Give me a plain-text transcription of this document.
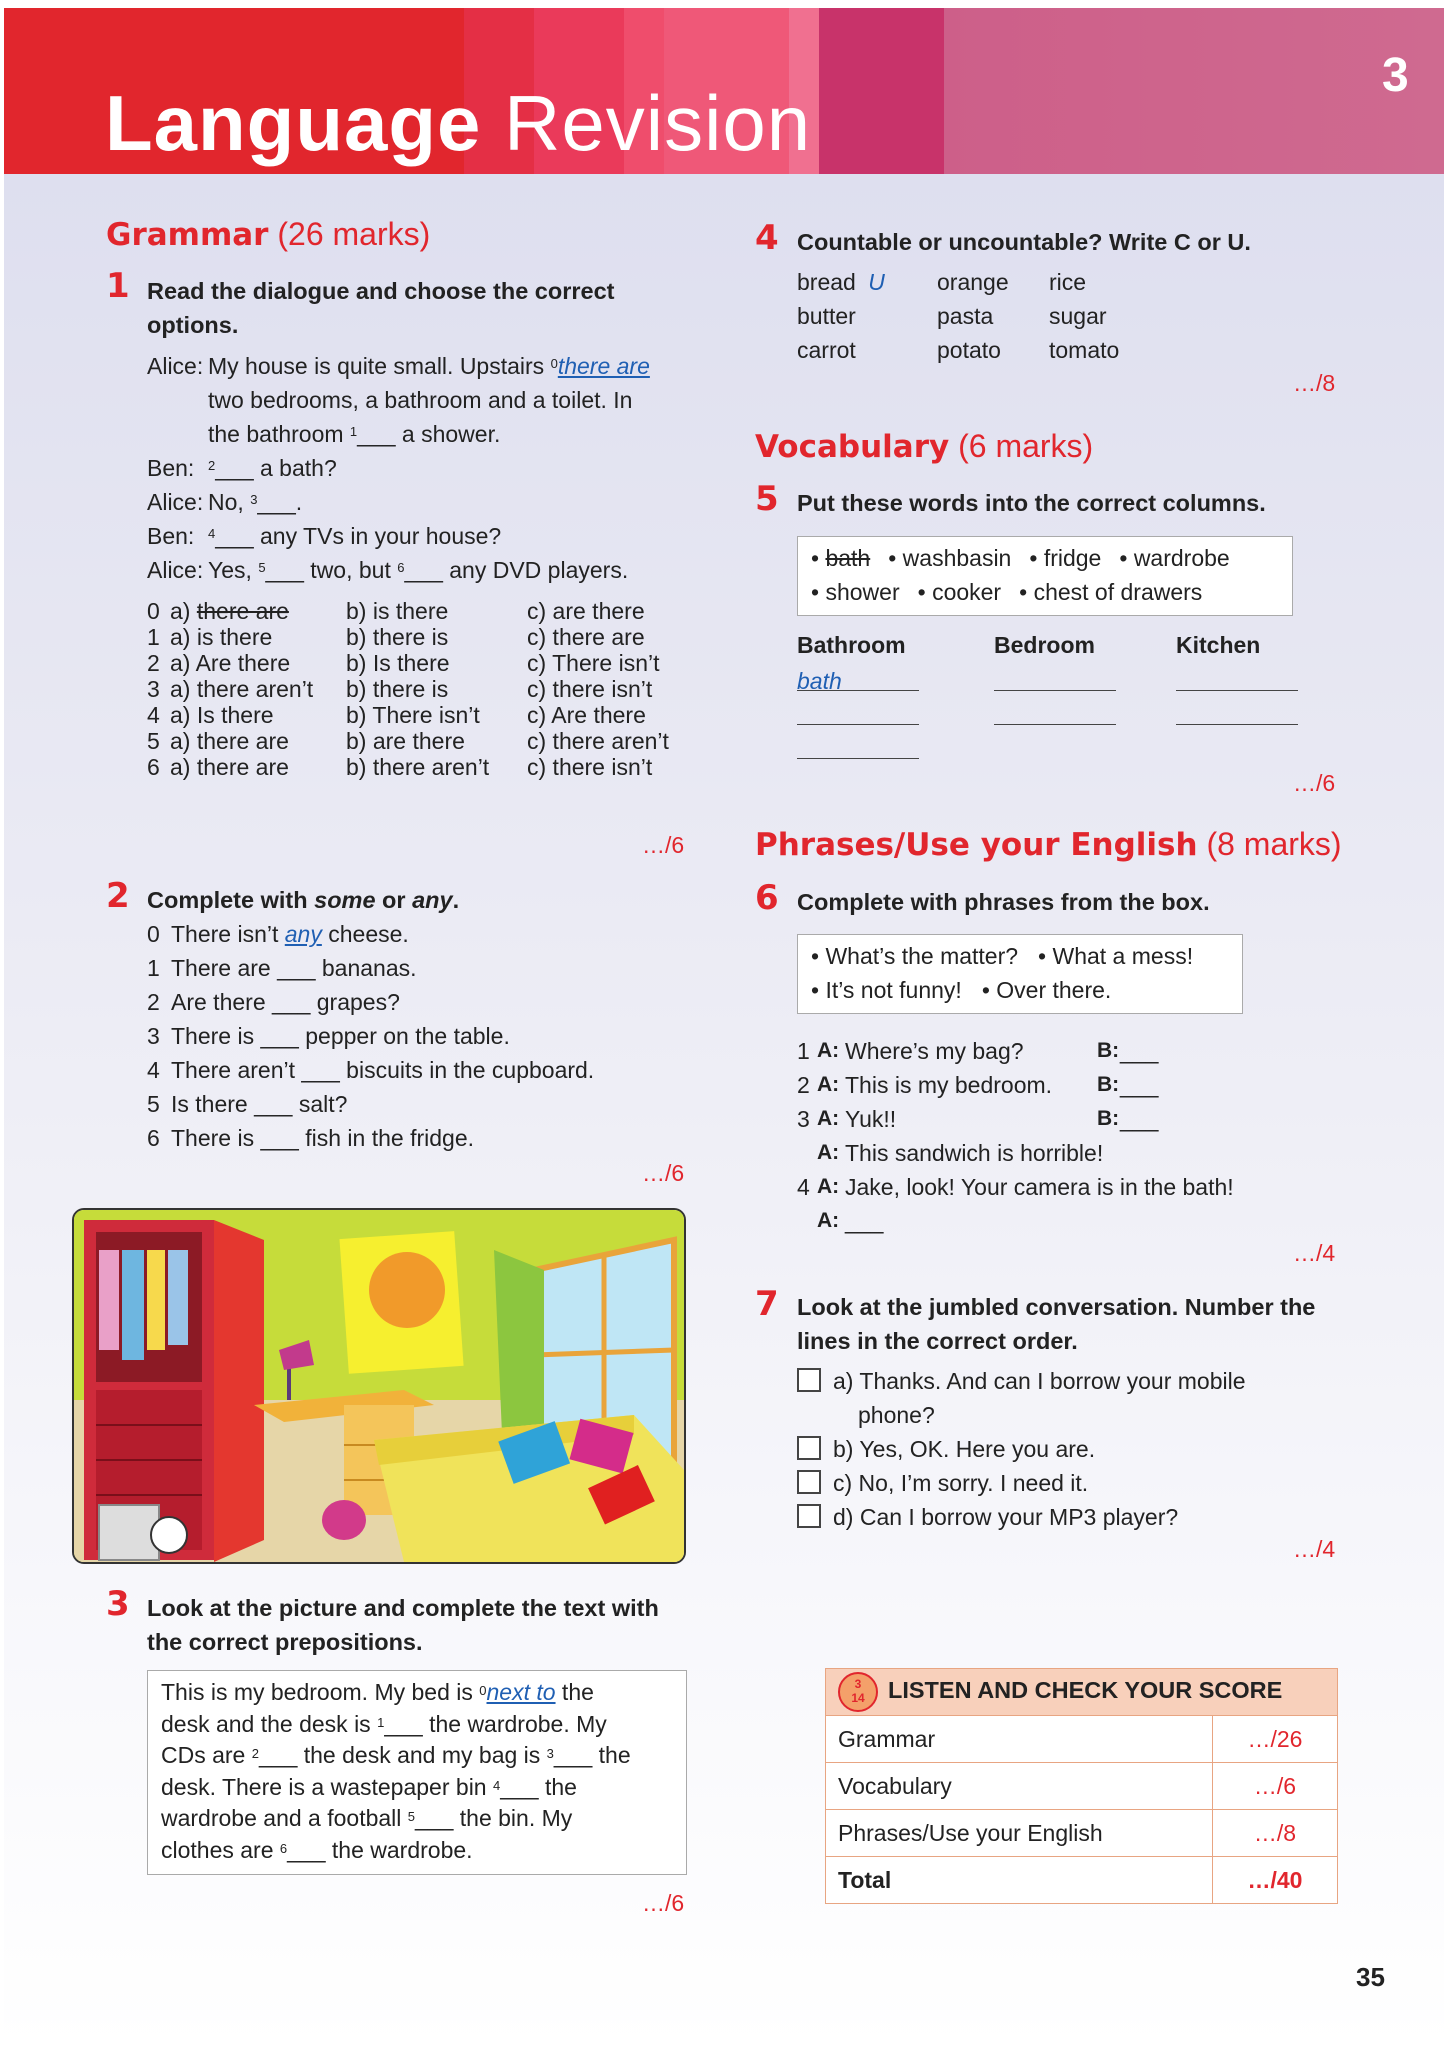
Language Revision
3
Grammar (26 marks)
1 Read the dialogue and choose the correct
options.
Alice: My house is quite small. Upstairs $^0$there are
two bedrooms, a bathroom and a toilet. In
the bathroom $^1$___ a shower.
Ben: $^2$___ a bath?
Alice: No, $^3$___.
Ben: $^4$___ any TVs in your house?
Alice: Yes, $^5$___ two, but $^6$___ any DVD players.
0 a) there are b) is there	c) are there
1 a) is there	b) there is	c) there are
2 a) Are there b) Is there	c) There isn’t
3 a) there aren’t b) there is	c) there isn’t
4 a) Is there	b) There isn’t c) Are there
5 a) there are b) are there	c) there aren’t
6 a) there are b) there aren’t c) there isn’t
…/6
2 Complete with some or any.
0 There isn’t any cheese.
1 There are ___ bananas.
2 Are there ___ grapes?
3 There is ___ pepper on the table.
4 There aren’t ___ biscuits in the cupboard.
5 Is there ___ salt?
6 There is ___ fish in the fridge.
…/6
3 Look at the picture and complete the text with
the correct prepositions.
This is my bedroom. My bed is $^0$next to the
desk and the desk is $^1$___ the wardrobe. My
CDs are $^2$___ the desk and my bag is $^3$___ the
desk. There is a wastepaper bin $^4$___ the
wardrobe and a football $^5$___ the bin. My
clothes are $^6$___ the wardrobe.
…/6
4 Countable or uncountable? Write C or U.
bread U orange rice
butter	pasta sugar
carrot	potato tomato
…/8
Vocabulary (6 marks)
5 Put these words into the correct columns.
• bath • washbasin • fridge • wardrobe
• shower • cooker • chest of drawers
Bathroom	Bedroom	Kitchen
bath
…/6
Phrases/Use your English (8 marks)
6 Complete with phrases from the box.
• What’s the matter? • What a mess!
• It’s not funny! • Over there.
1 A: Where’s my bag?	B: ___
2 A: This is my bedroom. B: ___
3 A: Yuk!!	B: ___
A: This sandwich is horrible!
4 A: Jake, look! Your camera is in the bath!
A: ___
…/4
7 Look at the jumbled conversation. Number the
lines in the correct order.
a) Thanks. And can I borrow your mobile
phone?
b) Yes, OK. Here you are.
c) No, I’m sorry. I need it.
d) Can I borrow your MP3 player?
…/4
3
14 LISTEN AND CHECK YOUR SCORE	
Grammar	…/26
Vocabulary	…/6
Phrases/Use your English	…/8
Total	…/40
35
